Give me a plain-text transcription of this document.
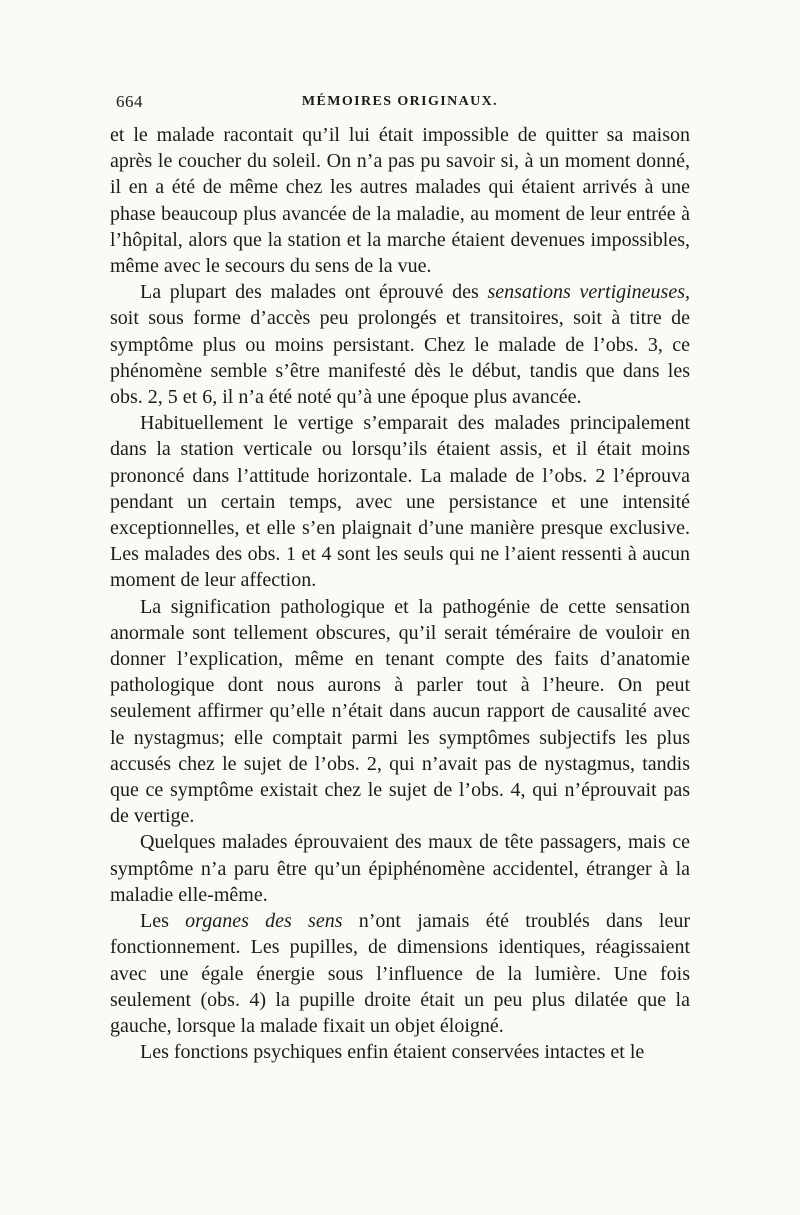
664	MÉMOIRES ORIGINAUX.

et le malade racontait qu’il lui était impossible de quitter sa maison après le coucher du soleil. On n’a pas pu savoir si, à un moment donné, il en a été de même chez les autres malades qui étaient arrivés à une phase beaucoup plus avancée de la maladie, au moment de leur entrée à l’hôpital, alors que la station et la marche étaient devenues impossibles, même avec le secours du sens de la vue.

La plupart des malades ont éprouvé des sensations vertigineuses, soit sous forme d’accès peu prolongés et transitoires, soit à titre de symptôme plus ou moins persistant. Chez le malade de l’obs. 3, ce phénomène semble s’être manifesté dès le début, tandis que dans les obs. 2, 5 et 6, il n’a été noté qu’à une époque plus avancée.

Habituellement le vertige s’emparait des malades principalement dans la station verticale ou lorsqu’ils étaient assis, et il était moins prononcé dans l’attitude horizontale. La malade de l’obs. 2 l’éprouva pendant un certain temps, avec une persistance et une intensité exceptionnelles, et elle s’en plaignait d’une manière presque exclusive. Les malades des obs. 1 et 4 sont les seuls qui ne l’aient ressenti à aucun moment de leur affection.

La signification pathologique et la pathogénie de cette sensation anormale sont tellement obscures, qu’il serait téméraire de vouloir en donner l’explication, même en tenant compte des faits d’anatomie pathologique dont nous aurons à parler tout à l’heure. On peut seulement affirmer qu’elle n’était dans aucun rapport de causalité avec le nystagmus; elle comptait parmi les symptômes subjectifs les plus accusés chez le sujet de l’obs. 2, qui n’avait pas de nystagmus, tandis que ce symptôme existait chez le sujet de l’obs. 4, qui n’éprouvait pas de vertige.

Quelques malades éprouvaient des maux de tête passagers, mais ce symptôme n’a paru être qu’un épiphénomène accidentel, étranger à la maladie elle-même.

Les organes des sens n’ont jamais été troublés dans leur fonctionnement. Les pupilles, de dimensions identiques, réagissaient avec une égale énergie sous l’influence de la lumière. Une fois seulement (obs. 4) la pupille droite était un peu plus dilatée que la gauche, lorsque la malade fixait un objet éloigné.

Les fonctions psychiques enfin étaient conservées intactes et le
